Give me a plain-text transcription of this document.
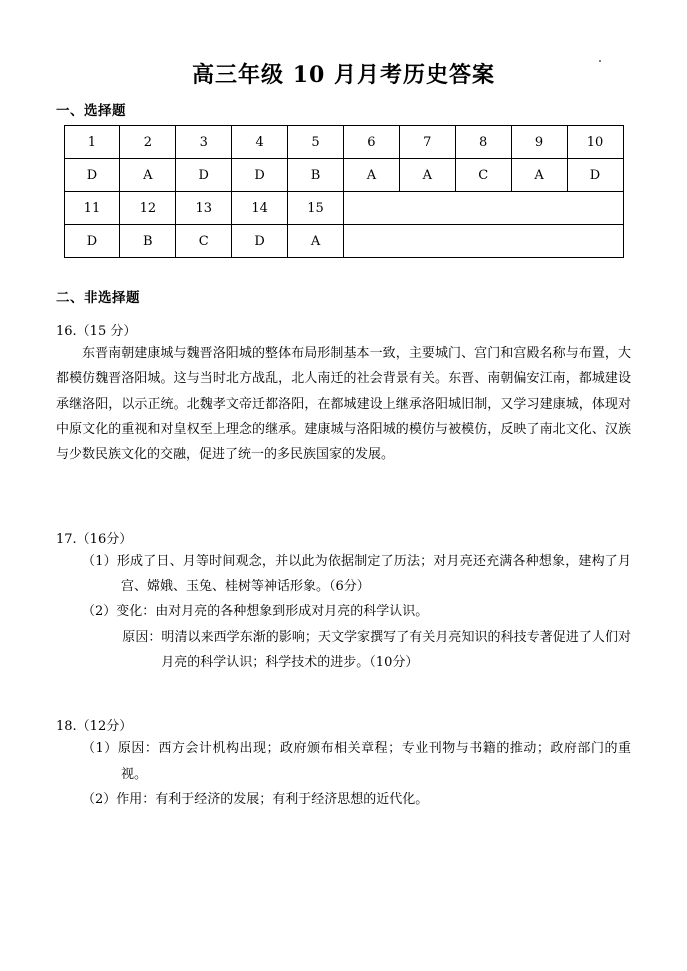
高三年级 10 月月考历史答案
一、选择题
1	2	3	4	5	6	7	8	9	10
D	A	D	D	B	A	A	C	A	D
11	12	13	14	15					
D	B	C	D	A					
二、非选择题
16.（15 分）
东晋南朝建康城与魏晋洛阳城的整体布局形制基本一致，主要城门、宫门和宫殿名称与布置，大都模仿魏晋洛阳城。这与当时北方战乱，北人南迁的社会背景有关。东晋、南朝偏安江南，都城建设承继洛阳，以示正统。北魏孝文帝迁都洛阳，在都城建设上继承洛阳城旧制，又学习建康城，体现对中原文化的重视和对皇权至上理念的继承。建康城与洛阳城的模仿与被模仿，反映了南北文化、汉族与少数民族文化的交融，促进了统一的多民族国家的发展。
17.（16分）
（1）形成了日、月等时间观念，并以此为依据制定了历法；对月亮还充满各种想象，建构了月宫、嫦娥、玉兔、桂树等神话形象。（6分）
（2）变化：由对月亮的各种想象到形成对月亮的科学认识。
原因：明清以来西学东渐的影响；天文学家撰写了有关月亮知识的科技专著促进了人们对月亮的科学认识；科学技术的进步。（10分）
18.（12分）
（1）原因：西方会计机构出现；政府颁布相关章程；专业刊物与书籍的推动；政府部门的重视。
（2）作用：有利于经济的发展；有利于经济思想的近代化。
